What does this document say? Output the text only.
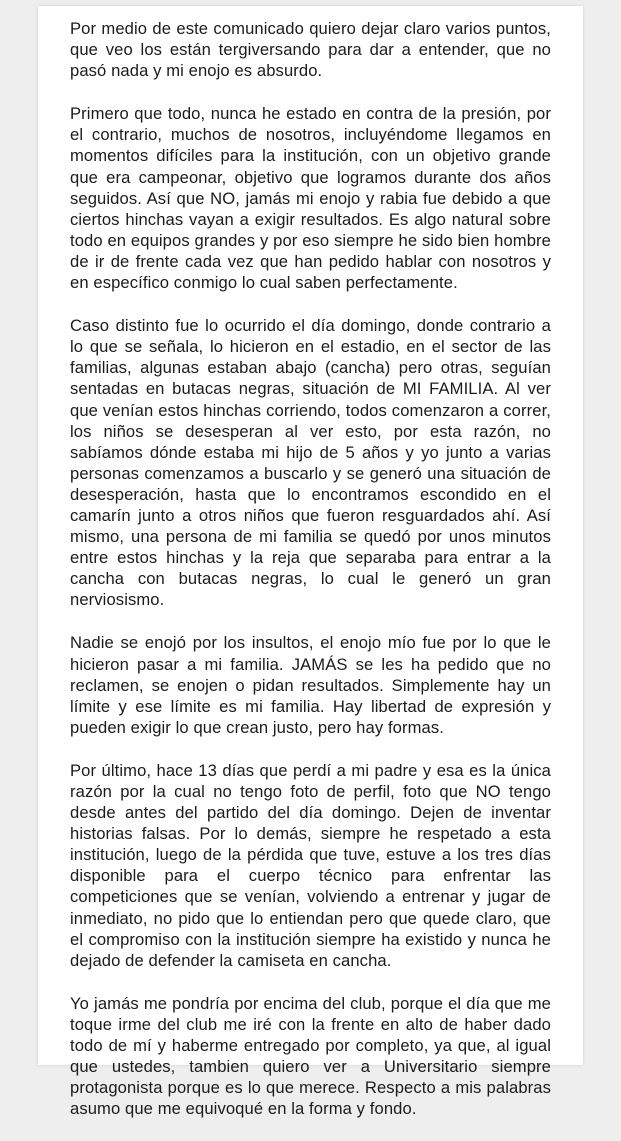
Por medio de este comunicado quiero dejar claro varios puntos, que veo los están tergiversando para dar a entender, que no pasó nada y mi enojo es absurdo.

Primero que todo, nunca he estado en contra de la presión, por el contrario, muchos de nosotros, incluyéndome llegamos en momentos difíciles para la institución, con un objetivo grande que era campeonar, objetivo que logramos durante dos años seguidos. Así que NO, jamás mi enojo y rabia fue debido a que ciertos hinchas vayan a exigir resultados. Es algo natural sobre todo en equipos grandes y por eso siempre he sido bien hombre de ir de frente cada vez que han pedido hablar con nosotros y en específico conmigo lo cual saben perfectamente.

Caso distinto fue lo ocurrido el día domingo, donde contrario a lo que se señala, lo hicieron en el estadio, en el sector de las familias, algunas estaban abajo (cancha) pero otras, seguían sentadas en butacas negras, situación de MI FAMILIA. Al ver que venían estos hinchas corriendo, todos comenzaron a correr, los niños se desesperan al ver esto, por esta razón, no sabíamos dónde estaba mi hijo de 5 años y yo junto a varias personas comenzamos a buscarlo y se generó una situación de desesperación, hasta que lo encontramos escondido en el camarín junto a otros niños que fueron resguardados ahí. Así mismo, una persona de mi familia se quedó por unos minutos entre estos hinchas y la reja que separaba para entrar a la cancha con butacas negras, lo cual le generó un gran nerviosismo.

Nadie se enojó por los insultos, el enojo mío fue por lo que le hicieron pasar a mi familia. JAMÁS se les ha pedido que no reclamen, se enojen o pidan resultados. Simplemente hay un límite y ese límite es mi familia. Hay libertad de expresión y pueden exigir lo que crean justo, pero hay formas.

Por último, hace 13 días que perdí a mi padre y esa es la única razón por la cual no tengo foto de perfil, foto que NO tengo desde antes del partido del día domingo. Dejen de inventar historias falsas. Por lo demás, siempre he respetado a esta institución, luego de la pérdida que tuve, estuve a los tres días disponible para el cuerpo técnico para enfrentar las competiciones que se venían, volviendo a entrenar y jugar de inmediato, no pido que lo entiendan pero que quede claro, que el compromiso con la institución siempre ha existido y nunca he dejado de defender la camiseta en cancha.

Yo jamás me pondría por encima del club, porque el día que me toque irme del club me iré con la frente en alto de haber dado todo de mí y haberme entregado por completo, ya que, al igual que ustedes, tambien quiero ver a Universitario siempre protagonista porque es lo que merece. Respecto a mis palabras asumo que me equivoqué en la forma y fondo.
